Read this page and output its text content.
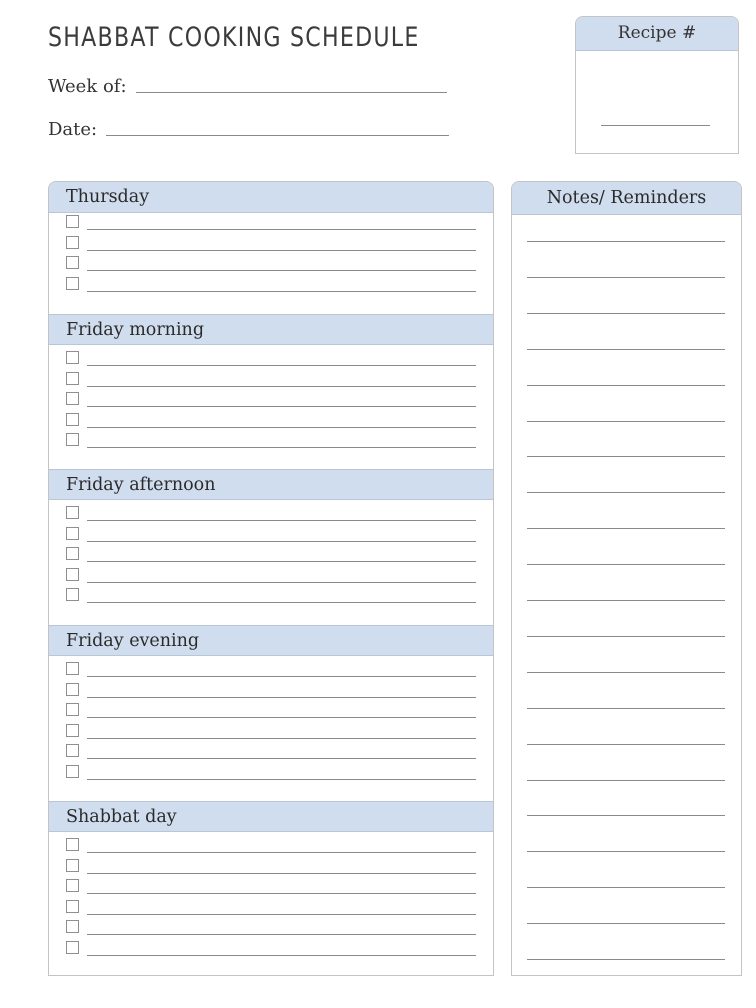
SHABBAT COOKING SCHEDULE
Week of:
Date:
Recipe #
Thursday
Friday morning
Friday afternoon
Friday evening
Shabbat day
Notes/ Reminders
